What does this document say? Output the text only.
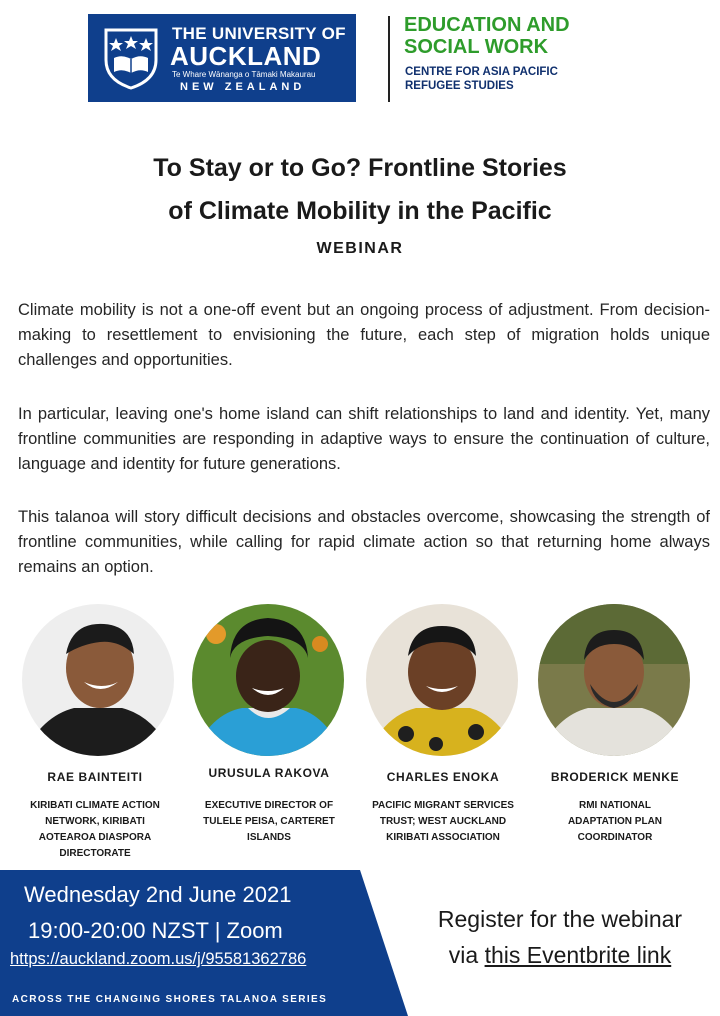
THE UNIVERSITY OF
AUCKLAND
Te Whare Wānanga o Tāmaki Makaurau
NEW ZEALAND
EDUCATION AND
SOCIAL WORK
CENTRE FOR ASIA PACIFIC
REFUGEE STUDIES
To Stay or to Go? Frontline Stories
of Climate Mobility in the Pacific
WEBINAR

Climate mobility is not a one-off event but an ongoing process of adjustment. From decision-making to resettlement to envisioning the future, each step of migration holds unique challenges and opportunities.

In particular, leaving one's home island can shift relationships to land and identity. Yet, many frontline communities are responding in adaptive ways to ensure the continuation of culture, language and identity for future generations.

This talanoa will story difficult decisions and obstacles overcome, showcasing the strength of frontline communities, while calling for rapid climate action so that returning home always remains an option.

RAE BAINTEITI
KIRIBATI CLIMATE ACTION
NETWORK, KIRIBATI
AOTEAROA DIASPORA
DIRECTORATE
URUSULA RAKOVA
EXECUTIVE DIRECTOR OF
TULELE PEISA, CARTERET
ISLANDS
CHARLES ENOKA
PACIFIC MIGRANT SERVICES
TRUST; WEST AUCKLAND
KIRIBATI ASSOCIATION
BRODERICK MENKE
RMI NATIONAL
ADAPTATION PLAN
COORDINATOR
Wednesday 2nd June 2021
19:00-20:00 NZST | Zoom
https://auckland.zoom.us/j/95581362786
ACROSS THE CHANGING SHORES TALANOA SERIES
Register for the webinar
via this Eventbrite link
